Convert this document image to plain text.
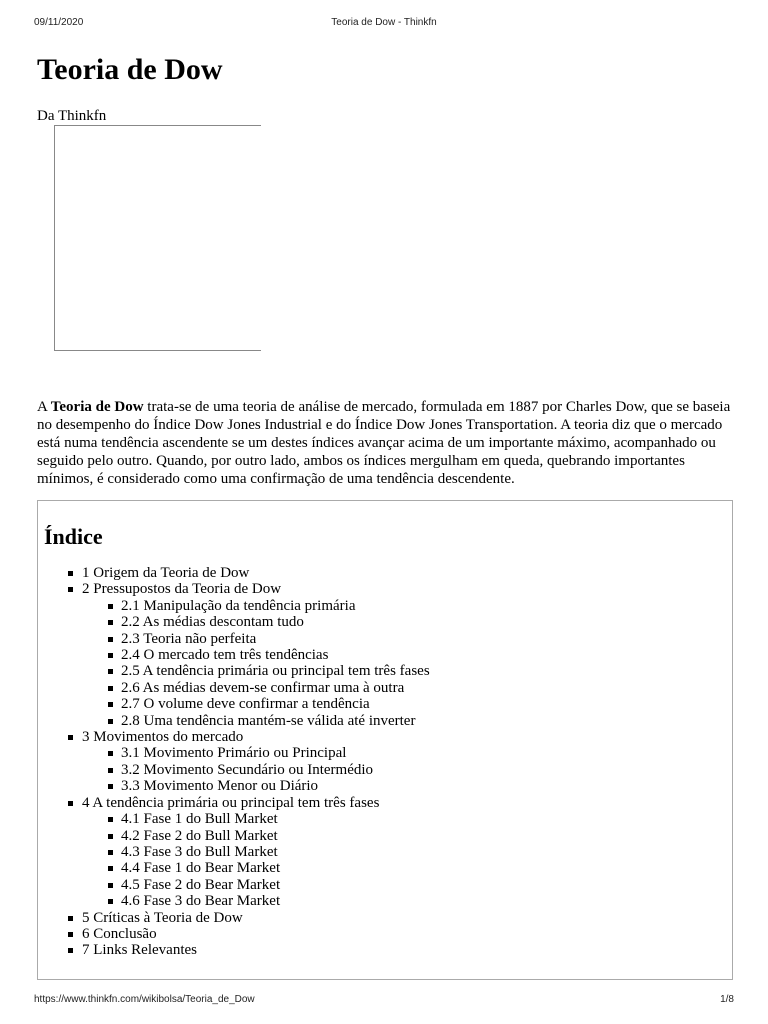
09/11/2020	Teoria de Dow - Thinkfn
Teoria de Dow
Da Thinkfn

A Teoria de Dow trata-se de uma teoria de análise de mercado, formulada em 1887 por Charles Dow, que se baseia no desempenho do Índice Dow Jones Industrial e do Índice Dow Jones Transportation. A teoria diz que o mercado está numa tendência ascendente se um destes índices avançar acima de um importante máximo, acompanhado ou seguido pelo outro. Quando, por outro lado, ambos os índices mergulham em queda, quebrando importantes mínimos, é considerado como uma confirmação de uma tendência descendente.

Índice
1 Origem da Teoria de Dow
2 Pressupostos da Teoria de Dow
2.1 Manipulação da tendência primária
2.2 As médias descontam tudo
2.3 Teoria não perfeita
2.4 O mercado tem três tendências
2.5 A tendência primária ou principal tem três fases
2.6 As médias devem-se confirmar uma à outra
2.7 O volume deve confirmar a tendência
2.8 Uma tendência mantém-se válida até inverter
3 Movimentos do mercado
3.1 Movimento Primário ou Principal
3.2 Movimento Secundário ou Intermédio
3.3 Movimento Menor ou Diário
4 A tendência primária ou principal tem três fases
4.1 Fase 1 do Bull Market
4.2 Fase 2 do Bull Market
4.3 Fase 3 do Bull Market
4.4 Fase 1 do Bear Market
4.5 Fase 2 do Bear Market
4.6 Fase 3 do Bear Market
5 Críticas à Teoria de Dow
6 Conclusão
7 Links Relevantes
https://www.thinkfn.com/wikibolsa/Teoria_de_Dow	1/8
